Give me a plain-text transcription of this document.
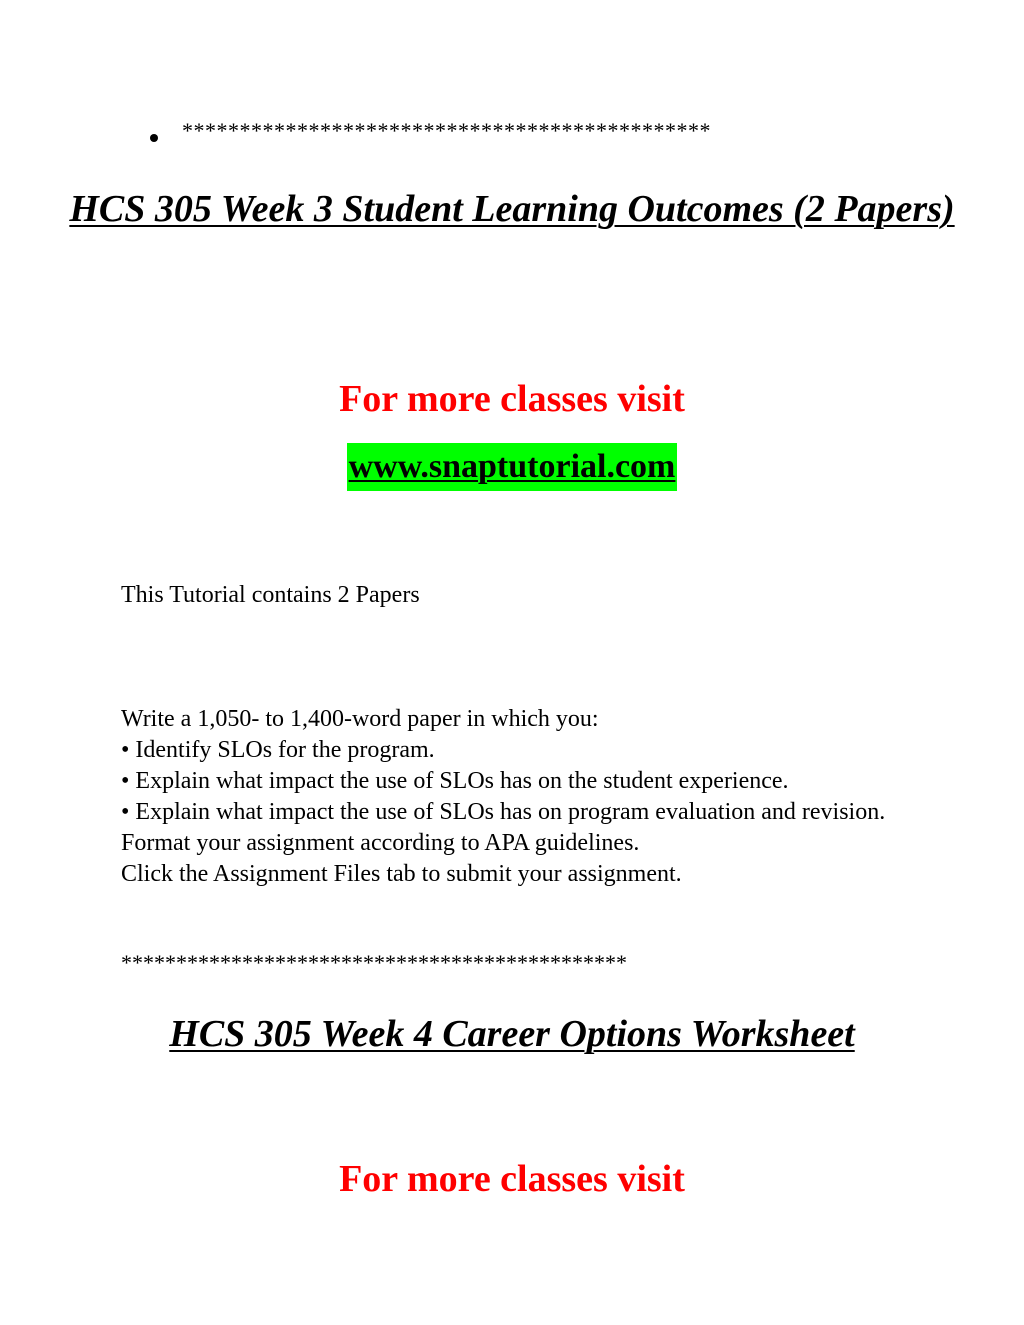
**********************************************
HCS 305 Week 3 Student Learning Outcomes (2 Papers)
For more classes visit
www.snaptutorial.com
This Tutorial contains 2 Papers
Write a 1,050- to 1,400-word paper in which you:
• Identify SLOs for the program.
• Explain what impact the use of SLOs has on the student experience.
• Explain what impact the use of SLOs has on program evaluation and revision.
Format your assignment according to APA guidelines.
Click the Assignment Files tab to submit your assignment.
**********************************************
HCS 305 Week 4 Career Options Worksheet
For more classes visit
